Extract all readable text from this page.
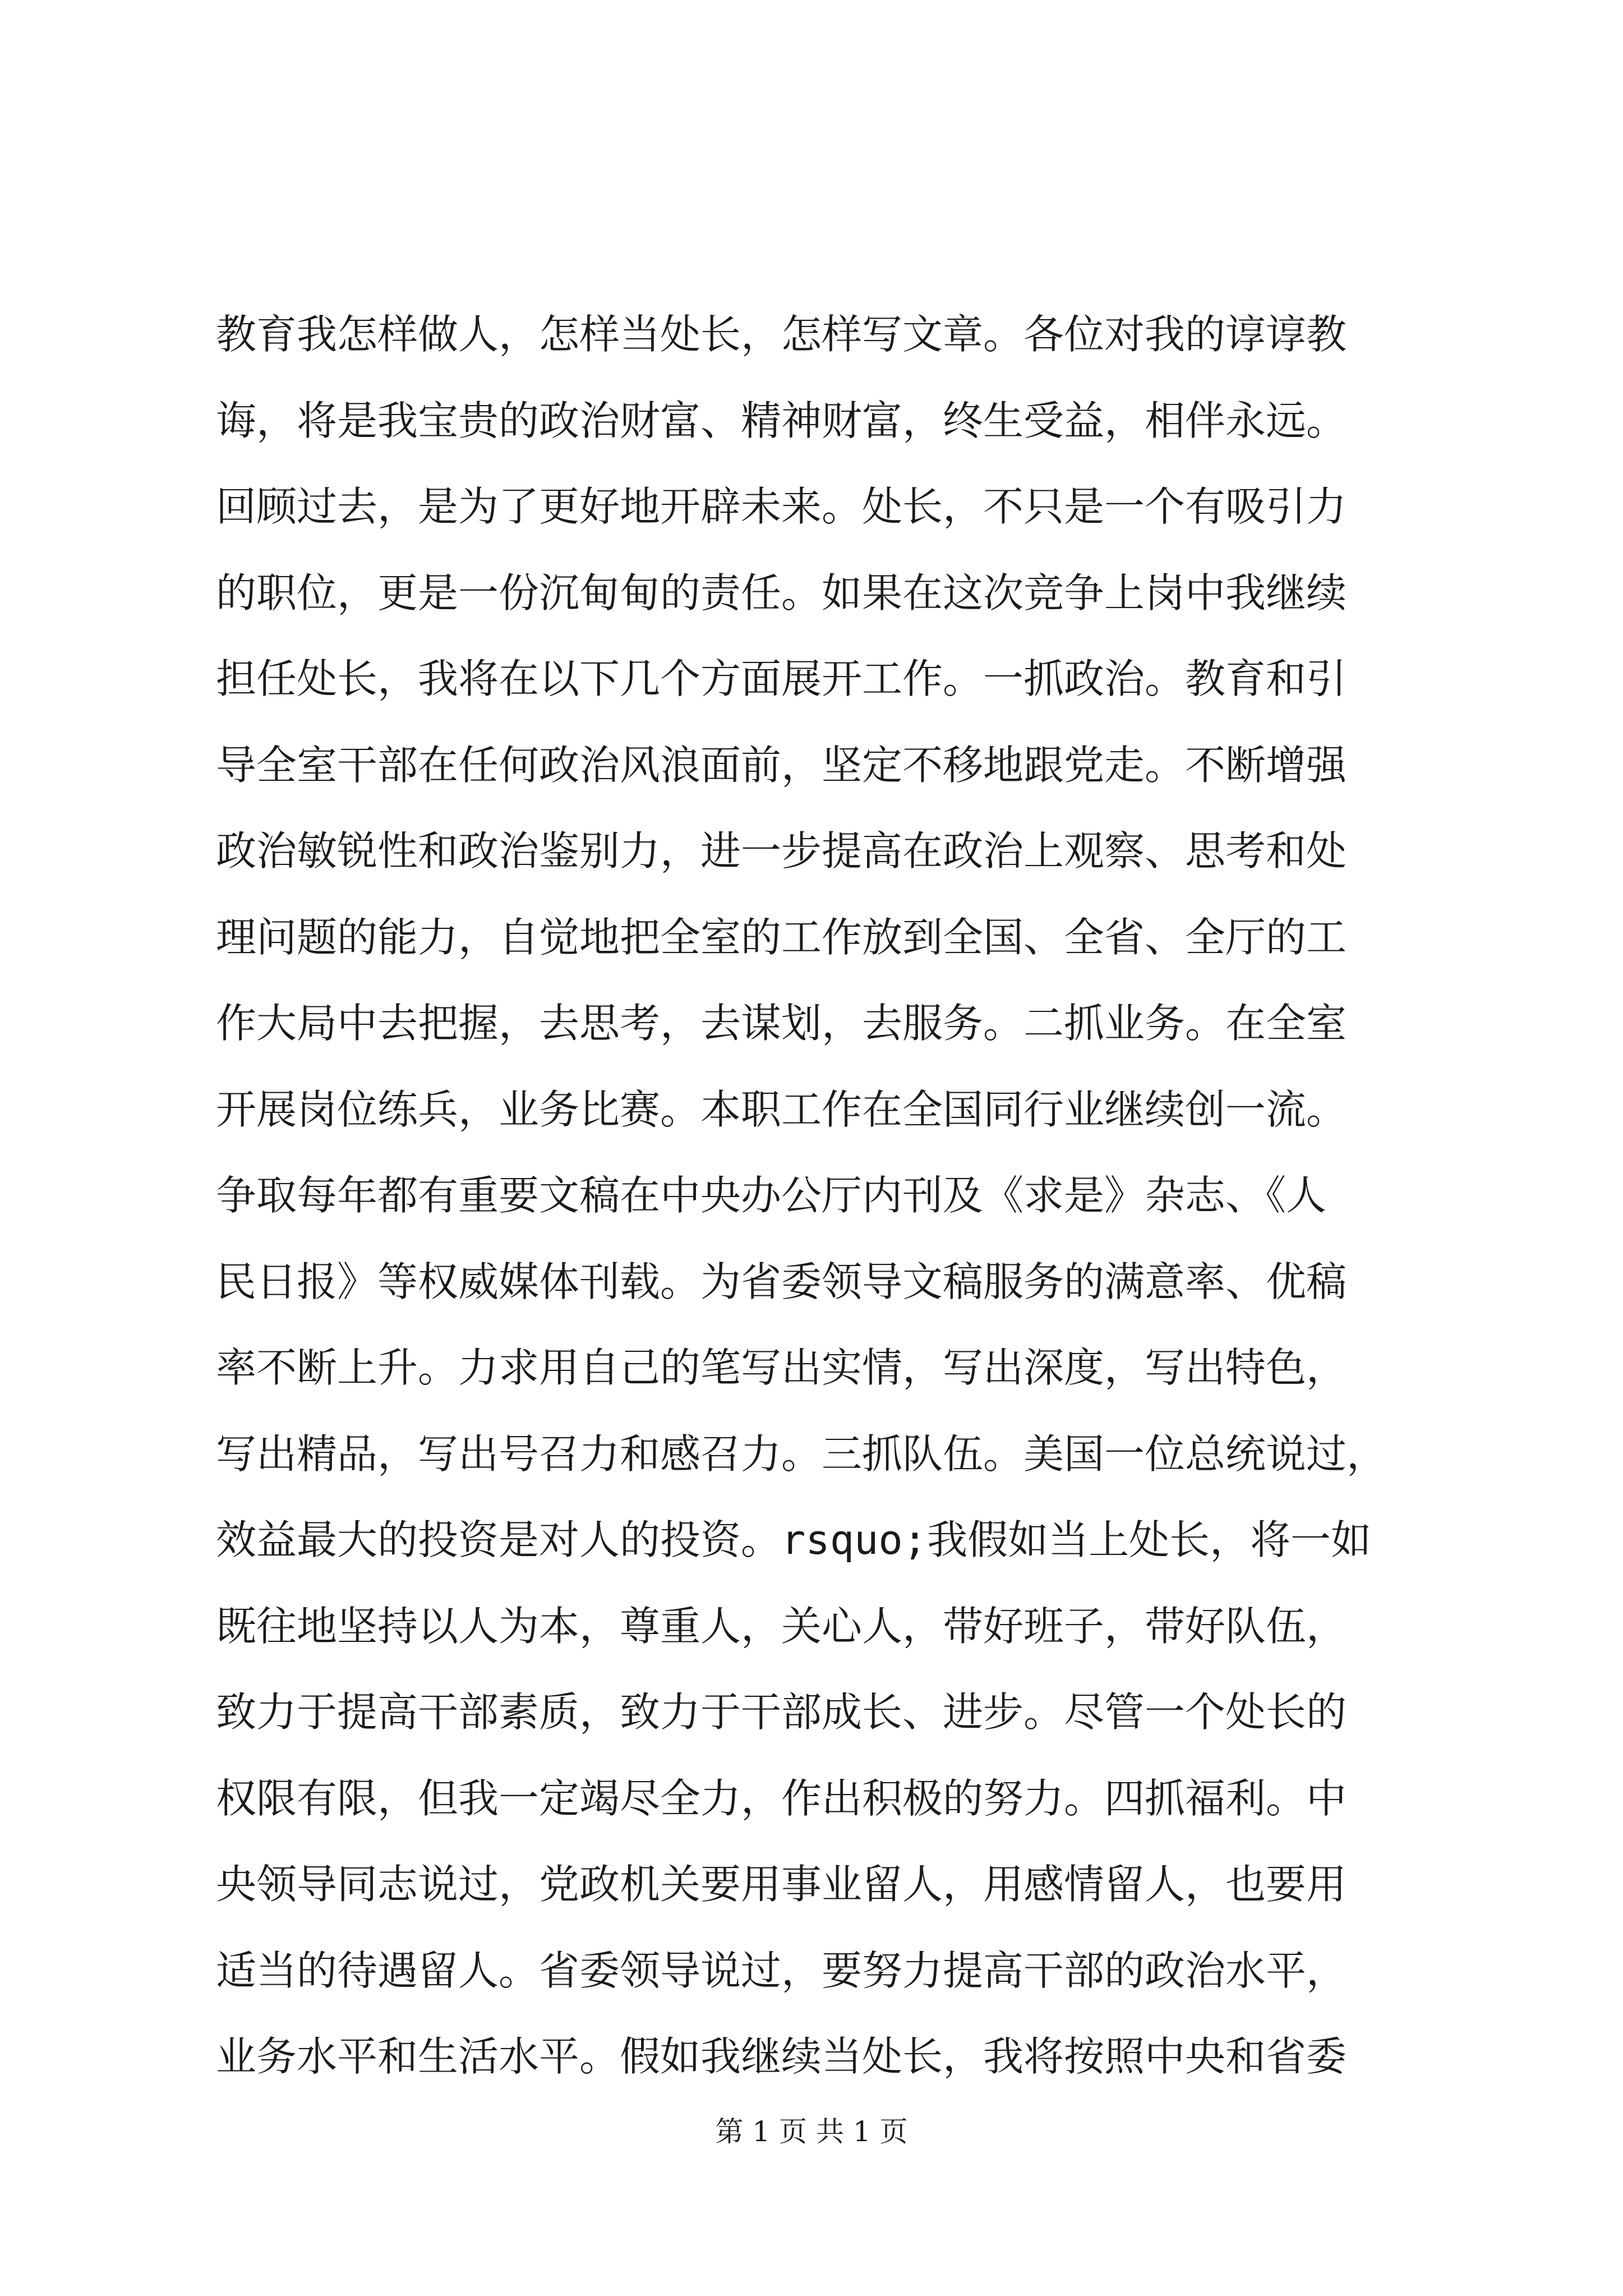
教育我怎样做人，怎样当处长，怎样写文章。各位对我的谆谆教
诲，将是我宝贵的政治财富、精神财富，终生受益，相伴永远。
回顾过去，是为了更好地开辟未来。处长，不只是一个有吸引力
的职位，更是一份沉甸甸的责任。如果在这次竞争上岗中我继续
担任处长，我将在以下几个方面展开工作。一抓政治。教育和引
导全室干部在任何政治风浪面前，坚定不移地跟党走。不断增强
政治敏锐性和政治鉴别力，进一步提高在政治上观察、思考和处
理问题的能力，自觉地把全室的工作放到全国、全省、全厅的工
作大局中去把握，去思考，去谋划，去服务。二抓业务。在全室
开展岗位练兵，业务比赛。本职工作在全国同行业继续创一流。
争取每年都有重要文稿在中央办公厅内刊及《求是》杂志、《人
民日报》等权威媒体刊载。为省委领导文稿服务的满意率、优稿
率不断上升。力求用自己的笔写出实情，写出深度，写出特色，
写出精品，写出号召力和感召力。三抓队伍。美国一位总统说过，
效益最大的投资是对人的投资。rsquo;我假如当上处长，将一如
既往地坚持以人为本，尊重人，关心人，带好班子，带好队伍，
致力于提高干部素质，致力于干部成长、进步。尽管一个处长的
权限有限，但我一定竭尽全力，作出积极的努力。四抓福利。中
央领导同志说过，党政机关要用事业留人，用感情留人，也要用
适当的待遇留人。省委领导说过，要努力提高干部的政治水平，
业务水平和生活水平。假如我继续当处长，我将按照中央和省委
第 1 页 共 1 页
